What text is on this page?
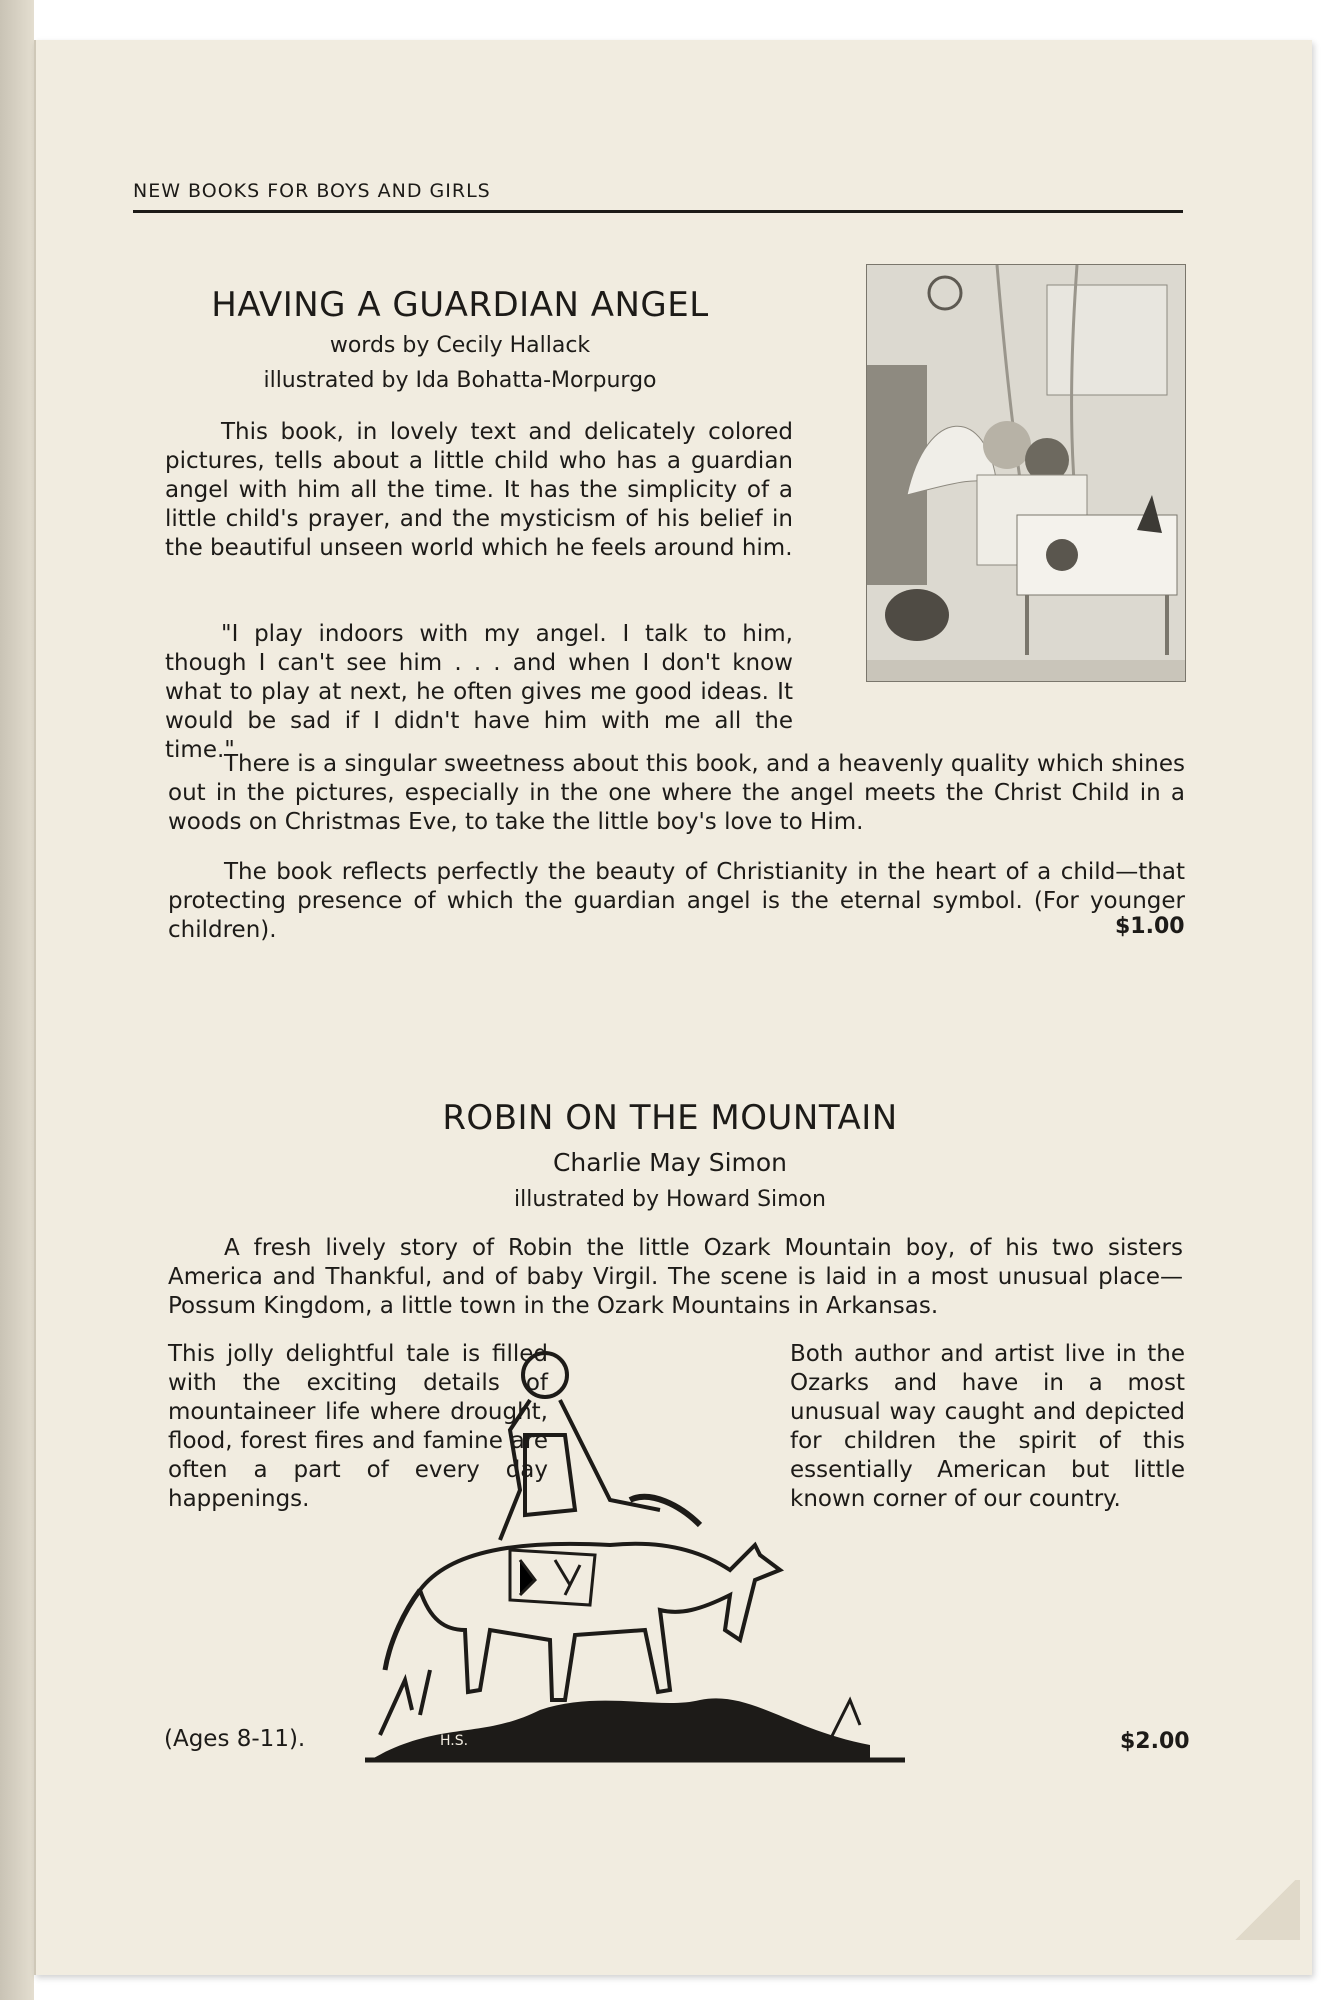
NEW BOOKS FOR BOYS AND GIRLS
HAVING A GUARDIAN ANGEL
words by Cecily Hallack
illustrated by Ida Bohatta-Morpurgo

This book, in lovely text and delicately colored pictures, tells about a little child who has a guardian angel with him all the time. It has the simplicity of a little child's prayer, and the mysticism of his belief in the beautiful unseen world which he feels around him.

"I play indoors with my angel. I talk to him, though I can't see him . . . and when I don't know what to play at next, he often gives me good ideas. It would be sad if I didn't have him with me all the time."

There is a singular sweetness about this book, and a heavenly quality which shines out in the pictures, especially in the one where the angel meets the Christ Child in a woods on Christmas Eve, to take the little boy's love to Him.

The book reflects perfectly the beauty of Christianity in the heart of a child—that protecting presence of which the guardian angel is the eternal symbol. (For younger children).	$1.00
ROBIN ON THE MOUNTAIN
Charlie May Simon
illustrated by Howard Simon

A fresh lively story of Robin the little Ozark Mountain boy, of his two sisters America and Thankful, and of baby Virgil. The scene is laid in a most unusual place—Possum Kingdom, a little town in the Ozark Mountains in Arkansas.

This jolly delightful tale is filled with the exciting details of mountaineer life where drought, flood, forest fires and famine are often a part of every day happenings.

Both author and artist live in the Ozarks and have in a most unusual way caught and depicted for children the spirit of this essentially American but little known corner of our country.

H.S.
(Ages 8-11).	$2.00
